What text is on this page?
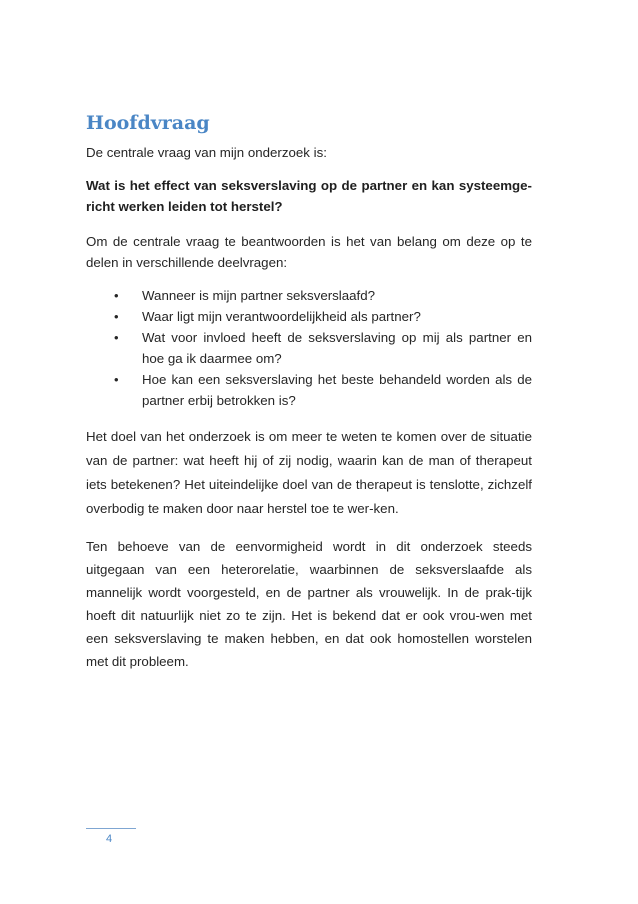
Hoofdvraag

De centrale vraag van mijn onderzoek is:

Wat is het effect van seksverslaving op de partner en kan systeemge-richt werken leiden tot herstel?

Om de centrale vraag te beantwoorden is het van belang om deze op te delen in verschillende deelvragen:

• Wanneer is mijn partner seksverslaafd?
• Waar ligt mijn verantwoordelijkheid als partner?
• Wat voor invloed heeft de seksverslaving op mij als partner en hoe ga ik daarmee om?
• Hoe kan een seksverslaving het beste behandeld worden als de partner erbij betrokken is?

Het doel van het onderzoek is om meer te weten te komen over de situatie van de partner: wat heeft hij of zij nodig, waarin kan de man of therapeut iets betekenen? Het uiteindelijke doel van de therapeut is tenslotte, zichzelf overbodig te maken door naar herstel toe te wer-ken.

Ten behoeve van de eenvormigheid wordt in dit onderzoek steeds uitgegaan van een heterorelatie, waarbinnen de seksverslaafde als mannelijk wordt voorgesteld, en de partner als vrouwelijk. In de prak-tijk hoeft dit natuurlijk niet zo te zijn. Het is bekend dat er ook vrou-wen met een seksverslaving te maken hebben, en dat ook homostellen worstelen met dit probleem.

4
